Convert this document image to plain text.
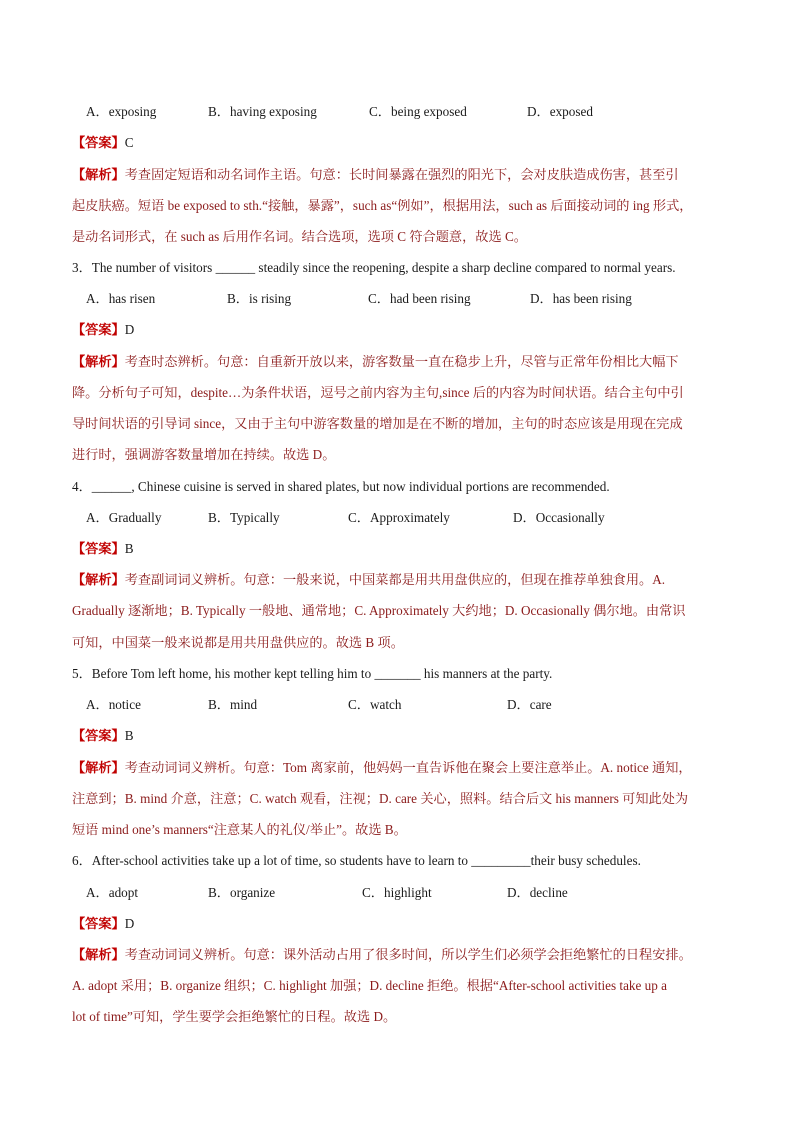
A．exposing	B．having exposing	C．being exposed	D．exposed
【答案】C
【解析】考查固定短语和动名词作主语。句意：长时间暴露在强烈的阳光下，会对皮肤造成伤害，甚至引
起皮肤癌。短语 be exposed to sth.“接触，暴露”，such as“例如”，根据用法，such as 后面接动词的 ing 形式，
是动名词形式，在 such as 后用作名词。结合选项，选项 C 符合题意，故选 C。
3．The number of visitors ______ steadily since the reopening, despite a sharp decline compared to normal years.
A．has risen	B．is rising	C．had been rising	D．has been rising
【答案】D
【解析】考查时态辨析。句意：自重新开放以来，游客数量一直在稳步上升，尽管与正常年份相比大幅下
降。分析句子可知，despite…为条件状语，逗号之前内容为主句,since 后的内容为时间状语。结合主句中引
导时间状语的引导词 since，又由于主句中游客数量的增加是在不断的增加，主句的时态应该是用现在完成
进行时，强调游客数量增加在持续。故选 D。
4．______, Chinese cuisine is served in shared plates, but now individual portions are recommended.
A．Gradually	B．Typically	C．Approximately	D．Occasionally
【答案】B
【解析】考查副词词义辨析。句意：一般来说，中国菜都是用共用盘供应的，但现在推荐单独食用。A.
Gradually 逐渐地；B. Typically 一般地、通常地；C. Approximately 大约地；D. Occasionally 偶尔地。由常识
可知，中国菜一般来说都是用共用盘供应的。故选 B 项。
5．Before Tom left home, his mother kept telling him to _______ his manners at the party.
A．notice	B．mind	C．watch	D．care
【答案】B
【解析】考查动词词义辨析。句意：Tom 离家前，他妈妈一直告诉他在聚会上要注意举止。A. notice 通知，
注意到；B. mind 介意，注意；C. watch 观看，注视；D. care 关心，照料。结合后文 his manners 可知此处为
短语 mind one’s manners“注意某人的礼仪/举止”。故选 B。
6．After-school activities take up a lot of time, so students have to learn to _________their busy schedules.
A．adopt	B．organize	C．highlight	D．decline
【答案】D
【解析】考查动词词义辨析。句意：课外活动占用了很多时间，所以学生们必须学会拒绝繁忙的日程安排。
A. adopt 采用；B. organize 组织；C. highlight 加强；D. decline 拒绝。根据“After-school activities take up a
lot of time”可知，学生要学会拒绝繁忙的日程。故选 D。
